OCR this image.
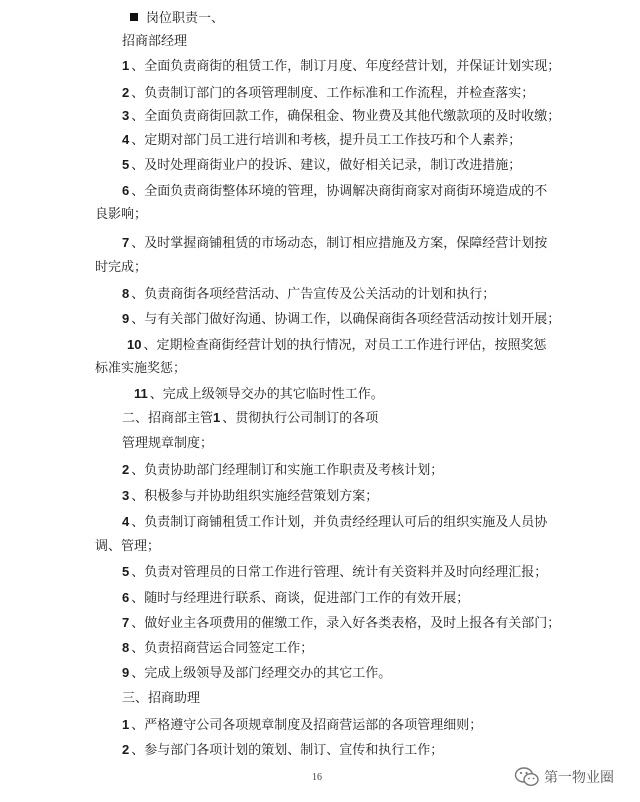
岗位职责一、
招商部经理
1 、全面负责商街的租赁工作，制订月度、年度经营计划，并保证计划实现；
2 、负责制订部门的各项管理制度、工作标准和工作流程，并检查落实；
3 、全面负责商街回款工作，确保租金、物业费及其他代缴款项的及时收缴；
4 、定期对部门员工进行培训和考核，提升员工工作技巧和个人素养；
5 、及时处理商街业户的投诉、建议，做好相关记录，制订改进措施；
6 、全面负责商街整体环境的管理，协调解决商街商家对商街环境造成的不
良影响；
7 、及时掌握商铺租赁的市场动态，制订相应措施及方案，保障经营计划按
时完成；
8 、负责商街各项经营活动、广告宣传及公关活动的计划和执行；
9 、与有关部门做好沟通、协调工作，以确保商街各项经营活动按计划开展；
10 、定期检查商街经营计划的执行情况，对员工工作进行评估，按照奖惩
标准实施奖惩；
11 、完成上级领导交办的其它临时性工作。
二、招商部主管1 、贯彻执行公司制订的各项
管理规章制度；
2 、负责协助部门经理制订和实施工作职责及考核计划；
3 、积极参与并协助组织实施经营策划方案；
4 、负责制订商铺租赁工作计划，并负责经经理认可后的组织实施及人员协
调、管理；
5 、负责对管理员的日常工作进行管理、统计有关资料并及时向经理汇报；
6 、随时与经理进行联系、商谈，促进部门工作的有效开展；
7 、做好业主各项费用的催缴工作，录入好各类表格，及时上报各有关部门；
8 、负责招商营运合同签定工作；
9 、完成上级领导及部门经理交办的其它工作。
三、招商助理
1 、严格遵守公司各项规章制度及招商营运部的各项管理细则；
2 、参与部门各项计划的策划、制订、宣传和执行工作；
16	第一物业圈
